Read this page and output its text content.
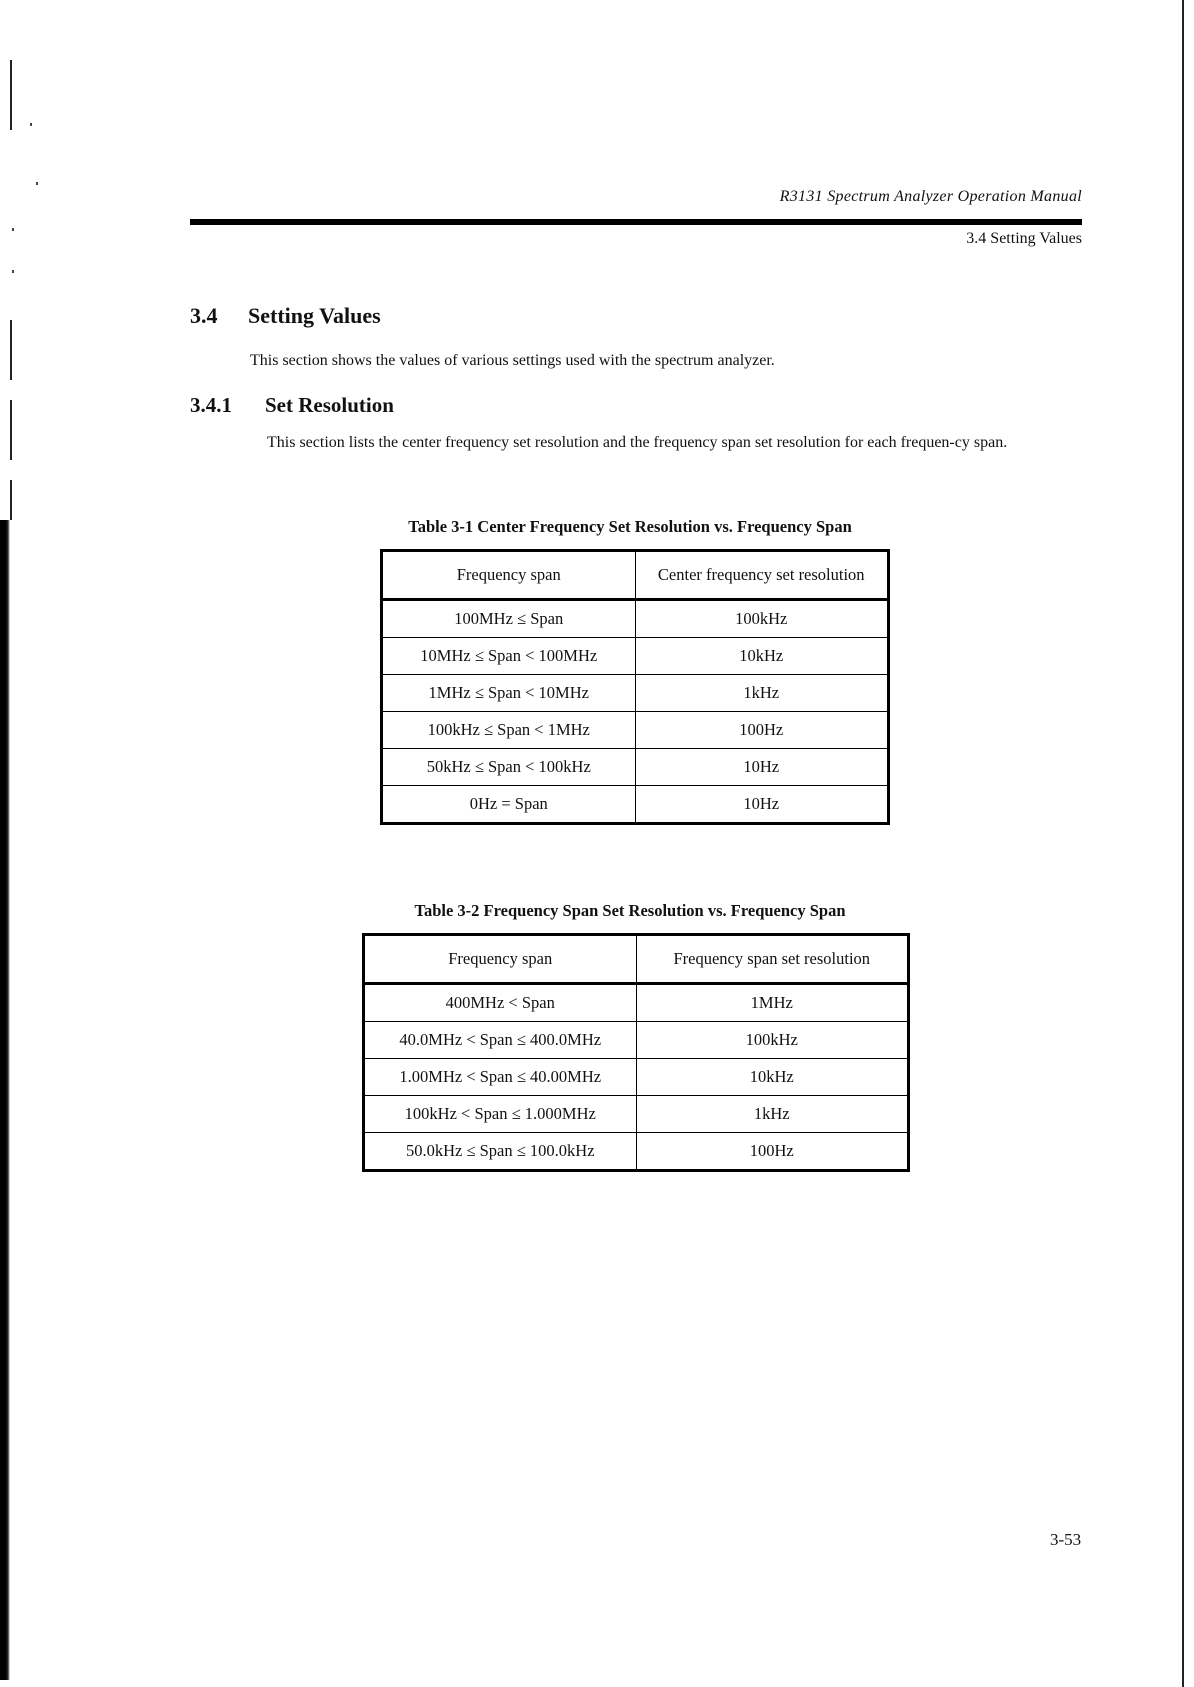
R3131 Spectrum Analyzer Operation Manual
3.4 Setting Values
3.4 Setting Values
This section shows the values of various settings used with the spectrum analyzer.
3.4.1 Set Resolution
This section lists the center frequency set resolution and the frequency span set resolution for each frequen-cy span.
Table 3-1 Center Frequency Set Resolution vs. Frequency Span
Frequency span	Center frequency set resolution
100MHz ≤ Span	100kHz
10MHz ≤ Span < 100MHz	10kHz
1MHz ≤ Span < 10MHz	1kHz
100kHz ≤ Span < 1MHz	100Hz
50kHz ≤ Span < 100kHz	10Hz
0Hz = Span	10Hz
Table 3-2 Frequency Span Set Resolution vs. Frequency Span
Frequency span	Frequency span set resolution
400MHz < Span	1MHz
40.0MHz < Span ≤ 400.0MHz	100kHz
1.00MHz < Span ≤ 40.00MHz	10kHz
100kHz < Span ≤ 1.000MHz	1kHz
50.0kHz ≤ Span ≤ 100.0kHz	100Hz
3-53
